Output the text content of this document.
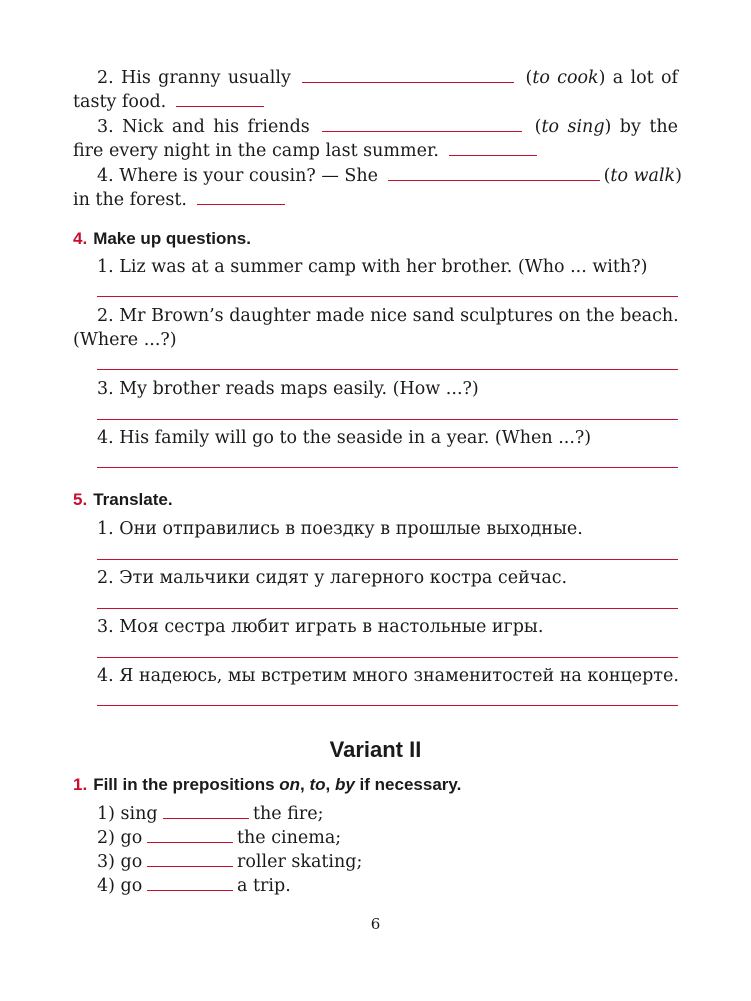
2. His granny usually	(to cook) a lot of
tasty food.
3. Nick and his friends	(to sing) by the
fire every night in the camp last summer.
4. Where is your cousin? — She	(to walk)
in the forest.
4. Make up questions.
1. Liz was at a summer camp with her brother. (Who ... with?)
2. Mr Brown’s daughter made nice sand sculptures on the beach.
(Where ...?)
3. My brother reads maps easily. (How ...?)
4. His family will go to the seaside in a year. (When ...?)
5. Translate.
1. Они отправились в поездку в прошлые выходные.
2. Эти мальчики сидят у лагерного костра сейчас.
3. Моя сестра любит играть в настольные игры.
4. Я надеюсь, мы встретим много знаменитостей на концерте.
Variant II
1. Fill in the prepositions on, to, by if necessary.
1) sing	the fire;
2) go	the cinema;
3) go	roller skating;
4) go	a trip.
6
